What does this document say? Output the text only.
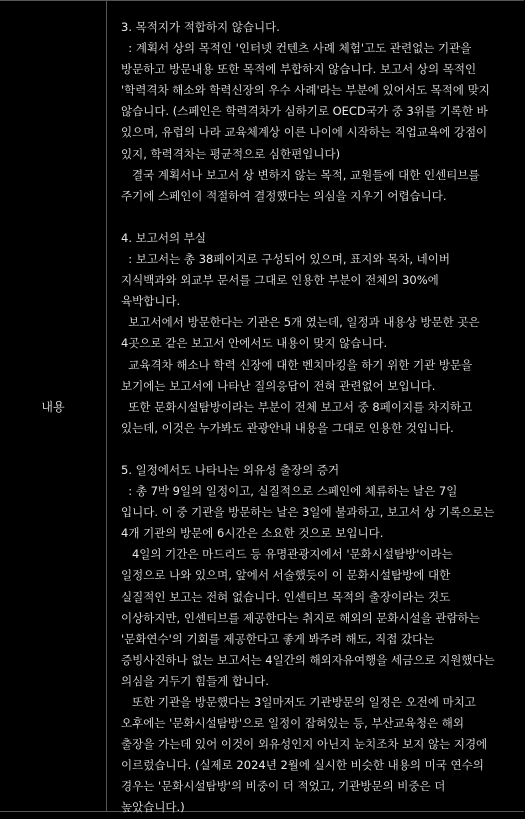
내용
3. 목적지가 적합하지 않습니다.
: 계획서 상의 목적인 '인터넷 컨텐츠 사례 체험'고도 관련없는 기관을
방문하고 방문내용 또한 목적에 부합하지 않습니다. 보고서 상의 목적인
'학력격차 해소와 학력신장의 우수 사례'라는 부분에 있어서도 목적에 맞지
않습니다. (스페인은 학력격차가 심하기로 OECD국가 중 3위를 기록한 바
있으며, 유럽의 나라 교육체계상 이른 나이에 시작하는 직업교육에 강점이
있지, 학력격차는 평균적으로 심한편입니다)
결국 계획서나 보고서 상 변하지 않는 목적, 교원들에 대한 인센티브를
주기에 스페인이 적절하여 결정했다는 의심을 지우기 어렵습니다.
4. 보고서의 부실
: 보고서는 총 38페이지로 구성되어 있으며, 표지와 목차, 네이버
지식백과와 외교부 문서를 그대로 인용한 부분이 전체의 30%에
육박합니다.
보고서에서 방문한다는 기관은 5개 였는데, 일정과 내용상 방문한 곳은
4곳으로 같은 보고서 안에서도 내용이 맞지 않습니다.
교육격차 해소나 학력 신장에 대한 벤치마킹을 하기 위한 기관 방문을
보기에는 보고서에 나타난 질의응답이 전혀 관련없어 보입니다.
또한 문화시설탐방이라는 부분이 전체 보고서 중 8페이지를 차지하고
있는데, 이것은 누가봐도 관광안내 내용을 그대로 인용한 것입니다.
5. 일정에서도 나타나는 외유성 출장의 증거
: 총 7박 9일의 일정이고, 실질적으로 스페인에 체류하는 날은 7일
입니다. 이 중 기관을 방문하는 날은 3일에 불과하고, 보고서 상 기록으로는
4개 기관의 방문에 6시간은 소요한 것으로 보입니다.
4일의 기간은 마드리드 등 유명관광지에서 '문화시설탐방'이라는
일정으로 나와 있으며, 앞에서 서술했듯이 이 문화시설탐방에 대한
실질적인 보고는 전혀 없습니다. 인센티브 목적의 출장이라는 것도
이상하지만, 인센티브를 제공한다는 취지로 해외의 문화시설을 관람하는
'문화연수'의 기회를 제공한다고 좋게 봐주려 해도, 직접 갔다는
증빙사진하나 없는 보고서는 4일간의 해외자유여행을 세금으로 지원했다는
의심을 거두기 힘들게 합니다.
또한 기관을 방문했다는 3일마저도 기관방문의 일정은 오전에 마치고
오후에는 '문화시설탐방'으로 일정이 잡혀있는 등, 부산교육청은 해외
출장을 가는데 있어 이것이 외유성인지 아닌지 눈치조차 보지 않는 지경에
이르렀습니다. (실제로 2024년 2월에 실시한 비슷한 내용의 미국 연수의
경우는 '문화시설탐방'의 비중이 더 적었고, 기관방문의 비중은 더
높았습니다.)
